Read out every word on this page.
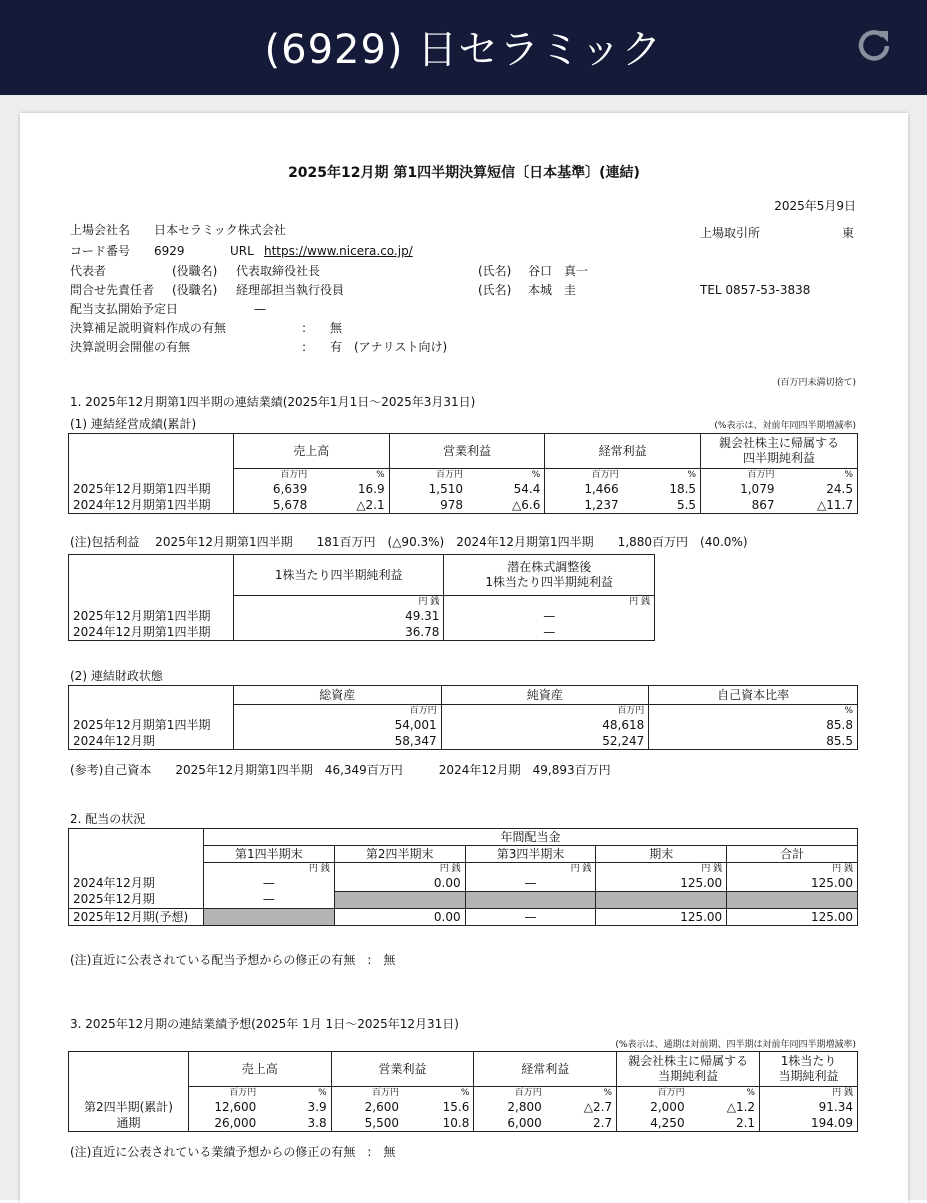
(6929) 日セラミック
2025年12月期 第1四半期決算短信〔日本基準〕(連結)
2025年5月9日
上場会社名 日本セラミック株式会社	上場取引所	東
コード番号 6929	URL https://www.nicera.co.jp/
代表者	(役職名) 代表取締役社長	(氏名) 谷口　真一
問合せ先責任者 (役職名) 経理部担当執行役員	(氏名) 本城　圭	TEL 0857-53-3838
配当支払開始予定日	—
決算補足説明資料作成の有無	: 無
決算説明会開催の有無	: 有　(アナリスト向け)
(百万円未満切捨て)
1. 2025年12月期第1四半期の連結業績(2025年1月1日〜2025年3月31日)
(1) 連結経営成績(累計)	(%表示は、対前年同四半期増減率)
	売上高		営業利益		経常利益		親会社株主に帰属する
四半期純利益	
	百万円	%	百万円	%	百万円	%	百万円	%
2025年12月期第1四半期	6,639	16.9	1,510	54.4	1,466	18.5	1,079	24.5
2024年12月期第1四半期	5,678	△2.1	978	△6.6	1,237	5.5	867	△11.7
(注)包括利益　 2025年12月期第1四半期　　181百万円　(△90.3%)　2024年12月期第1四半期　　1,880百万円　(40.0%)
	1株当たり四半期純利益	潜在株式調整後
1株当たり四半期純利益
	円 銭	円 銭
2025年12月期第1四半期	49.31	—
2024年12月期第1四半期	36.78	—
(2) 連結財政状態
	総資産	純資産	自己資本比率
	百万円	百万円	%
2025年12月期第1四半期	54,001	48,618	85.8
2024年12月期	58,347	52,247	85.5
(参考)自己資本　　2025年12月期第1四半期　46,349百万円　　　2024年12月期　49,893百万円
2. 配当の状況
	年間配当金				
	第1四半期末	第2四半期末	第3四半期末	期末	合計
	円 銭	円 銭	円 銭	円 銭	円 銭
2024年12月期	—	0.00	—	125.00	125.00
2025年12月期	—				
2025年12月期(予想)		0.00	—	125.00	125.00
(注)直近に公表されている配当予想からの修正の有無　:　無
3. 2025年12月期の連結業績予想(2025年 1月 1日〜2025年12月31日)
(%表示は、通期は対前期、四半期は対前年同四半期増減率)
	売上高		営業利益		経常利益		親会社株主に帰属する
当期純利益		1株当たり
当期純利益
	百万円	%	百万円	%	百万円	%	百万円	%	円 銭
第2四半期(累計)	12,600	3.9	2,600	15.6	2,800	△2.7	2,000	△1.2	91.34
通期	26,000	3.8	5,500	10.8	6,000	2.7	4,250	2.1	194.09
(注)直近に公表されている業績予想からの修正の有無　:　無
